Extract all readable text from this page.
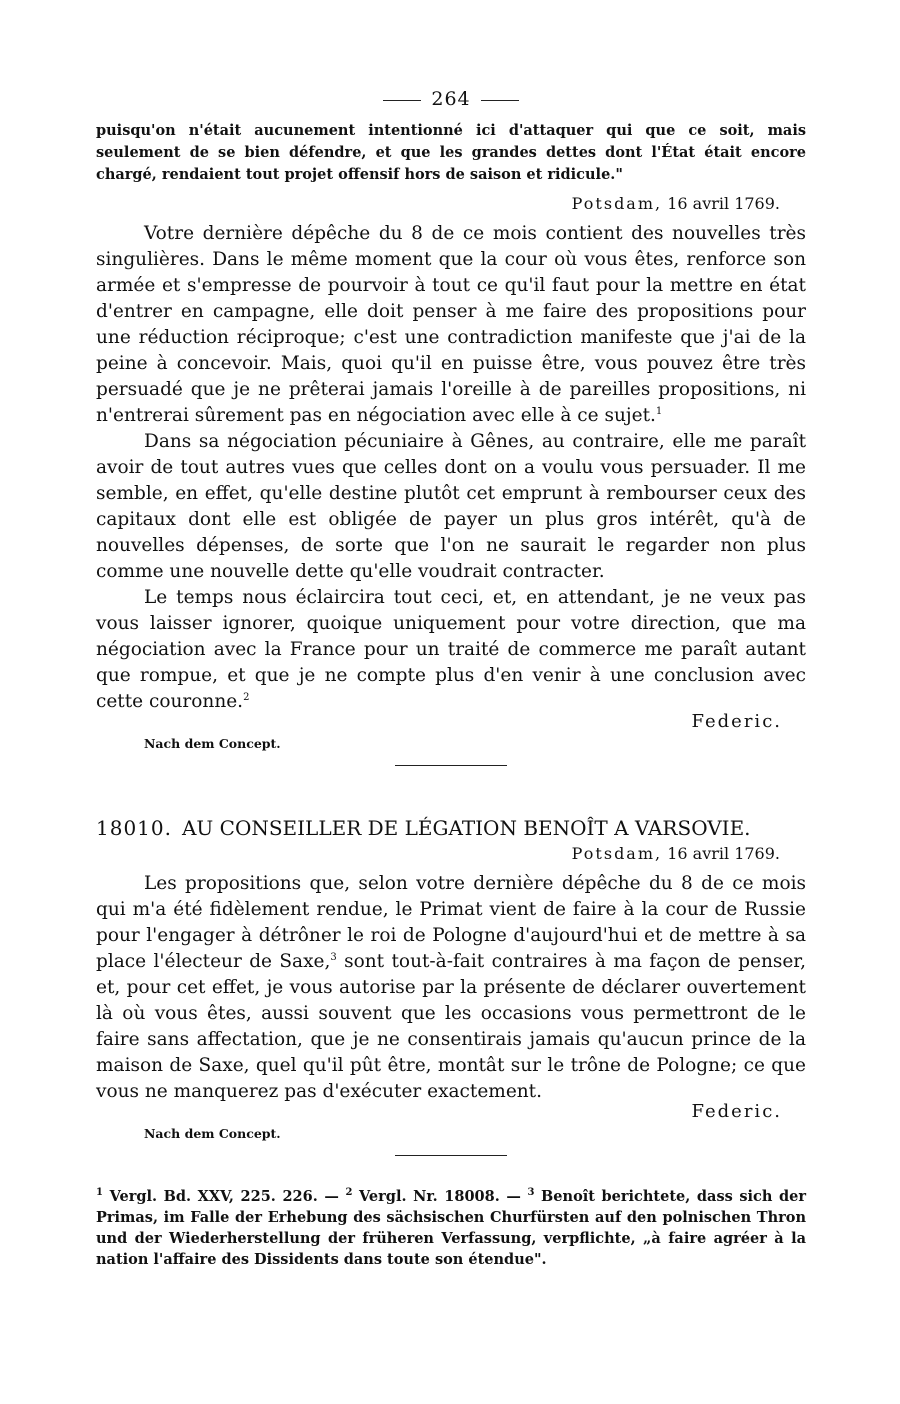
264
puisqu'on n'était aucunement intentionné ici d'attaquer qui que ce soit, mais seulement de se bien défendre, et que les grandes dettes dont l'État était encore chargé, rendaient tout projet offensif hors de saison et ridicule."
Potsdam, 16 avril 1769.

Votre dernière dépêche du 8 de ce mois contient des nouvelles très singulières. Dans le même moment que la cour où vous êtes, renforce son armée et s'empresse de pourvoir à tout ce qu'il faut pour la mettre en état d'entrer en campagne, elle doit penser à me faire des propositions pour une réduction réciproque; c'est une contradiction manifeste que j'ai de la peine à concevoir. Mais, quoi qu'il en puisse être, vous pouvez être très persuadé que je ne prêterai jamais l'oreille à de pareilles propositions, ni n'entrerai sûrement pas en négociation avec elle à ce sujet.$^1$

Dans sa négociation pécuniaire à Gênes, au contraire, elle me paraît avoir de tout autres vues que celles dont on a voulu vous persuader. Il me semble, en effet, qu'elle destine plutôt cet emprunt à rembourser ceux des capitaux dont elle est obligée de payer un plus gros intérêt, qu'à de nouvelles dépenses, de sorte que l'on ne saurait le regarder non plus comme une nouvelle dette qu'elle voudrait contracter.

Le temps nous éclaircira tout ceci, et, en attendant, je ne veux pas vous laisser ignorer, quoique uniquement pour votre direction, que ma négociation avec la France pour un traité de commerce me paraît autant que rompue, et que je ne compte plus d'en venir à une conclusion avec cette couronne.$^2$

Federic.
Nach dem Concept.
18010. AU CONSEILLER DE LÉGATION BENOÎT A VARSOVIE.
Potsdam, 16 avril 1769.

Les propositions que, selon votre dernière dépêche du 8 de ce mois qui m'a été fidèlement rendue, le Primat vient de faire à la cour de Russie pour l'engager à détrôner le roi de Pologne d'aujourd'hui et de mettre à sa place l'électeur de Saxe,$^3$ sont tout-à-fait contraires à ma façon de penser, et, pour cet effet, je vous autorise par la présente de déclarer ouvertement là où vous êtes, aussi souvent que les occasions vous permettront de le faire sans affectation, que je ne consentirais jamais qu'aucun prince de la maison de Saxe, quel qu'il pût être, montât sur le trône de Pologne; ce que vous ne manquerez pas d'exécuter exactement.

Federic.
Nach dem Concept.
$^1$ Vergl. Bd. XXV, 225. 226. — $^2$ Vergl. Nr. 18008. — $^3$ Benoît berichtete, dass sich der Primas, im Falle der Erhebung des sächsischen Churfürsten auf den polnischen Thron und der Wiederherstellung der früheren Verfassung, verpflichte, „à faire agréer à la nation l'affaire des Dissidents dans toute son étendue".
